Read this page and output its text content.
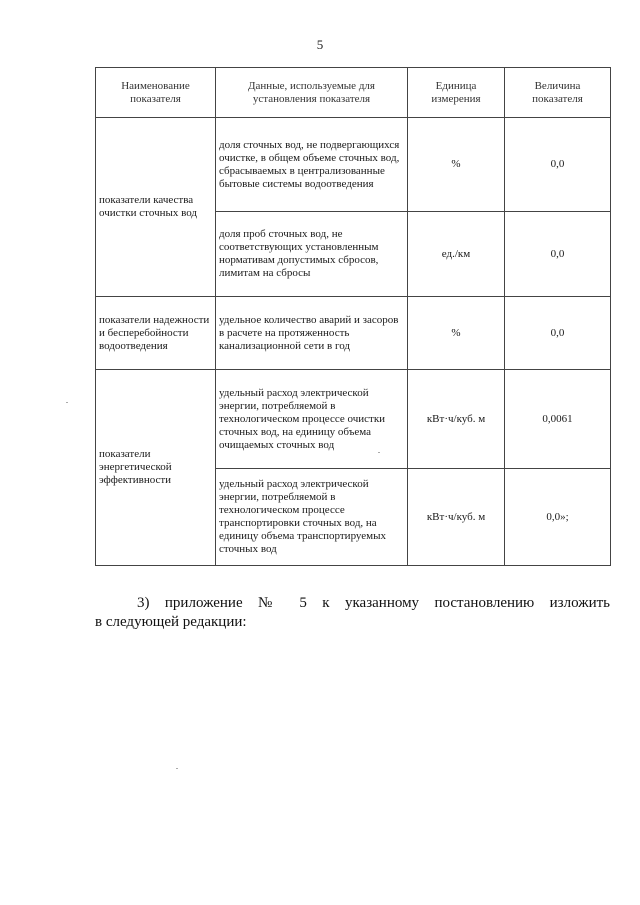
5
Наименование показателя	Данные, используемые для установления показателя	Единица измерения	Величина показателя
показатели качества очистки сточных вод	доля сточных вод, не подвергающихся очистке, в общем объеме сточных вод, сбрасываемых в централизованные бытовые системы водоотведения	%	0,0
	доля проб сточных вод, не соответствующих установленным нормативам допустимых сбросов, лимитам на сбросы	ед./км	0,0
показатели надежности и бесперебойности водоотведения	удельное количество аварий и засоров в расчете на протяженность канализационной сети в год	%	0,0
показатели энергетической эффективности	удельный расход электрической энергии, потребляемой в технологическом процессе очистки сточных вод, на единицу объема очищаемых сточных вод	кВт·ч/куб. м	0,0061
	удельный расход электрической энергии, потребляемой в технологическом процессе транспортировки сточных вод, на единицу объема транспортируемых сточных вод	кВт·ч/куб. м	0,0»;
3) приложение № 5 к указанному постановлению изложить
в следующей редакции:
